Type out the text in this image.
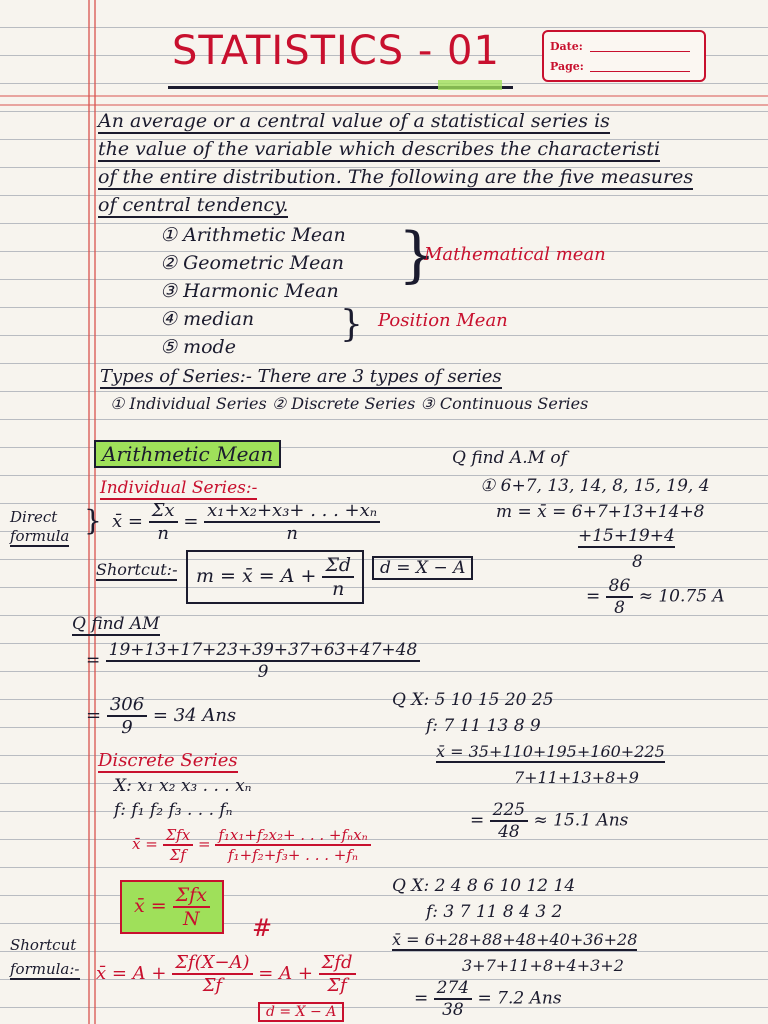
STATISTICS - 01	Date:
Page:
An average or a central value of a statistical series is
the value of the variable which describes the characteristi
of the entire distribution. The following are the five measures
of central tendency.
① Arithmetic Mean
② Geometric Mean
③ Harmonic Mean
④ median
⑤ mode
}
Mathematical mean
} Position Mean
Types of Series:- There are 3 types of series
① Individual Series ② Discrete Series ③ Continuous Series
Arithmetic Mean
Individual Series:-
Direct
formula } x̄ = $\frac{\Sigma x}{n} = \frac{\text{x₁+x₂+x₃+ . . . +xₙ}}{n}$
Shortcut:- m = x̄ = $A + \frac{\Sigma d}{n}$	d = X − A
Q find A.M of
① 6+7, 13, 14, 8, 15, 19, 4
m = x̄ = 6+7+13+14+8
+15+19+4
8
= $\frac{86}{8} \approx 10.75$ A
Q find AM
= $\frac{19+13+17+23+39+37+63+47+48}{9}$
= $\frac{306}{9} = 34$ Ans
Q X: 5 10 15 20 25
f: 7 11 13 8 9
x̄ = 35+110+195+160+225
7+11+13+8+9
= $\frac{225}{48} \approx 15.1$ Ans
Discrete Series
X: x₁ x₂ x₃ . . . xₙ
f: f₁ f₂ f₃ . . . fₙ
x̄ = $\frac{\text{Σfx}}{\Sigma f} = \frac{\text{f₁x₁+f₂x₂+ . . . +fₙxₙ}}{\text{f₁+f₂+f₃+ . . . +fₙ}}$
x̄ = $\frac{\text{Σfx}}{N}$ #
Shortcut
formula:- x̄ = $A + \frac{\Sigma f(X-A)}{\Sigma f} = A + \frac{\text{Σfd}}{\Sigma f}$
d = X − A
Q X: 2 4 8 6 10 12 14
f: 3 7 11 8 4 3 2
x̄ = 6+28+88+48+40+36+28
3+7+11+8+4+3+2
= $\frac{274}{38} = 7.2$ Ans
